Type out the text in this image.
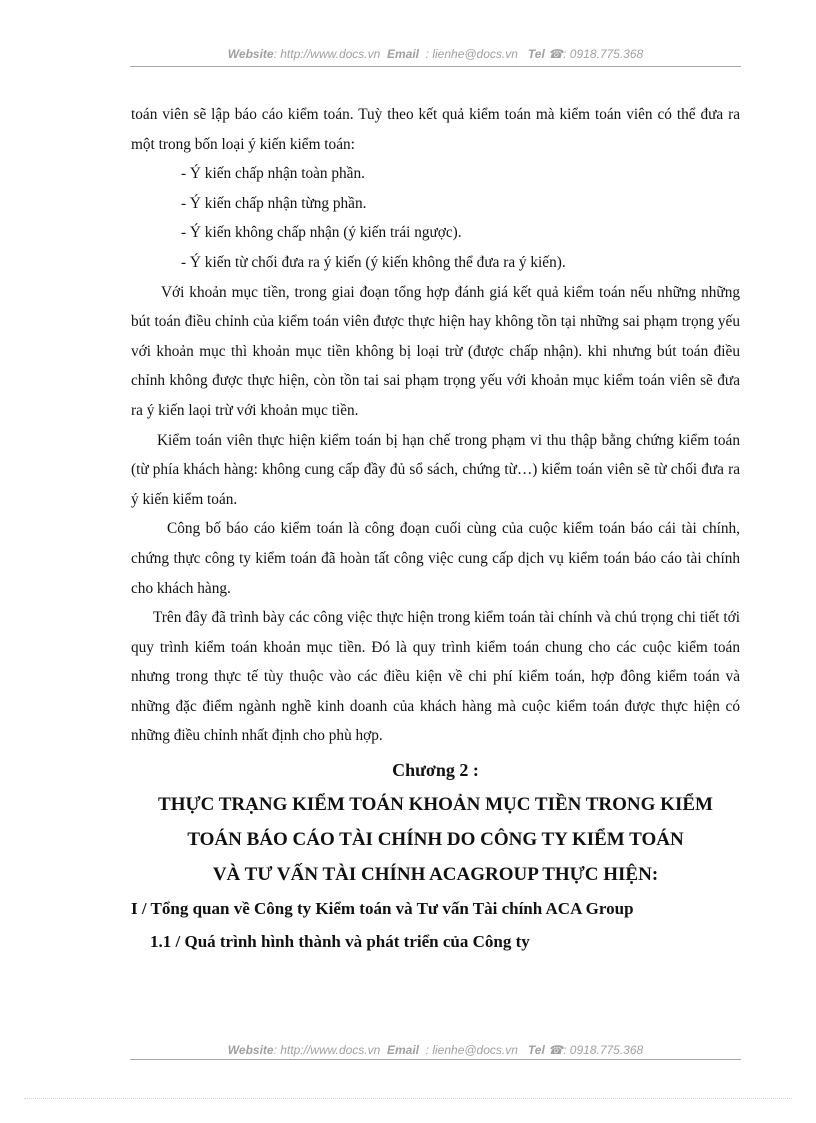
Website: http://www.docs.vn Email : lienhe@docs.vn Tel ☎: 0918.775.368

toán viên sẽ lập báo cáo kiểm toán. Tuỳ theo kết quả kiểm toán mà kiểm toán viên có thể đưa ra một trong bốn loại ý kiến kiểm toán:

- Ý kiến chấp nhận toàn phần.

- Ý kiến chấp nhận từng phần.

- Ý kiến không chấp nhận (ý kiến trái ngược).

- Ý kiến từ chối đưa ra ý kiến (ý kiến không thể đưa ra ý kiến).

Với khoản mục tiền, trong giai đoạn tổng hợp đánh giá kết quả kiểm toán nếu những những bút toán điều chỉnh của kiểm toán viên được thực hiện hay không tồn tại những sai phạm trọng yếu với khoản mục thì khoản mục tiền không bị loại trừ (được chấp nhận). khi nhưng bút toán điều chỉnh không được thực hiện, còn tồn tai sai phạm trọng yếu với khoản mục kiểm toán viên sẽ đưa ra ý kiến laọi trừ với khoản mục tiền.

Kiểm toán viên thực hiện kiểm toán bị hạn chế trong phạm vi thu thập bằng chứng kiểm toán (từ phía khách hàng: không cung cấp đầy đủ sổ sách, chứng từ…) kiểm toán viên sẽ từ chối đưa ra ý kiến kiểm toán.

Công bố báo cáo kiểm toán là công đoạn cuối cùng của cuộc kiểm toán báo cái tài chính, chứng thực công ty kiểm toán đã hoàn tất công việc cung cấp dịch vụ kiểm toán báo cáo tài chính cho khách hàng.

Trên đây đã trình bày các công việc thực hiện trong kiểm toán tài chính và chú trọng chi tiết tới quy trình kiểm toán khoản mục tiền. Đó là quy trình kiểm toán chung cho các cuộc kiểm toán nhưng trong thực tế tùy thuộc vào các điều kiện về chi phí kiểm toán, hợp đông kiểm toán và những đặc điểm ngành nghề kinh doanh của khách hàng mà cuộc kiểm toán được thực hiện có những điều chỉnh nhất định cho phù hợp.

Chương 2 :

THỰC TRẠNG KIỂM TOÁN KHOẢN MỤC TIỀN TRONG KIỂM

TOÁN BÁO CÁO TÀI CHÍNH DO CÔNG TY KIỂM TOÁN

VÀ TƯ VẤN TÀI CHÍNH ACAGROUP THỰC HIỆN:

I / Tổng quan về Công ty Kiểm toán và Tư vấn Tài chính ACA Group

1.1 / Quá trình hình thành và phát triển của Công ty

Website: http://www.docs.vn Email : lienhe@docs.vn Tel ☎: 0918.775.368
